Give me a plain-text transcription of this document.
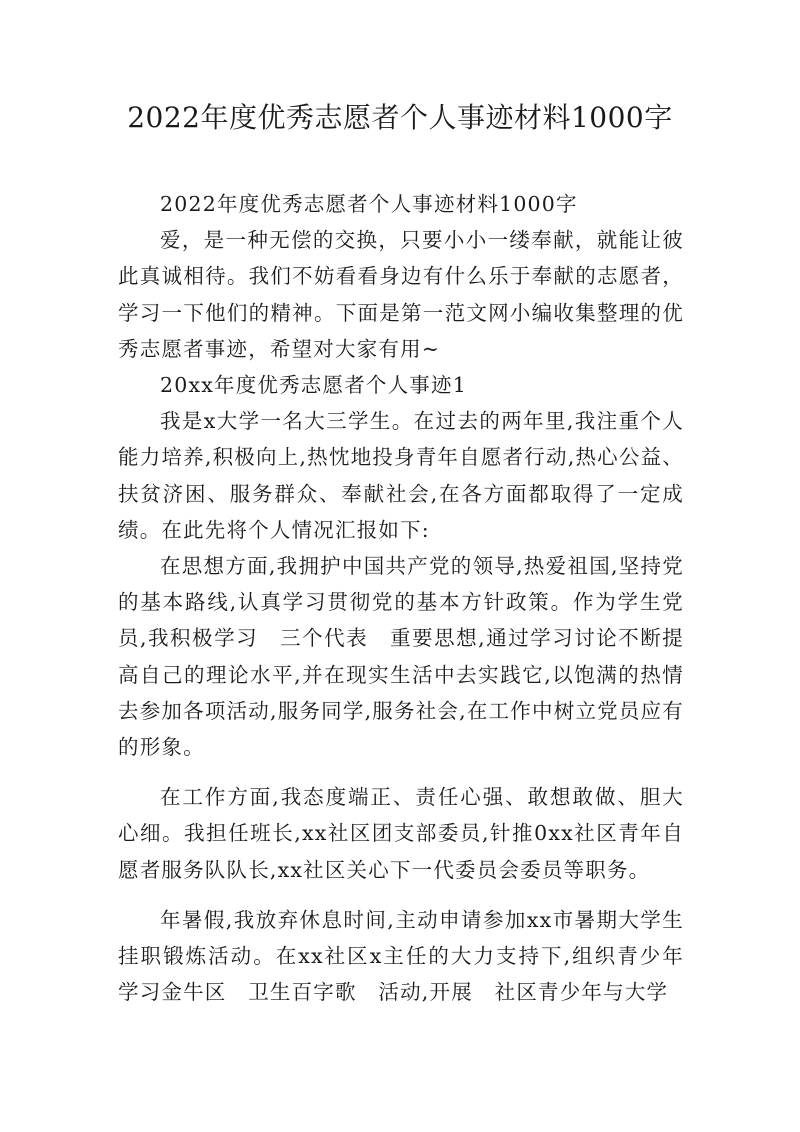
2022年度优秀志愿者个人事迹材料1000字

2022年度优秀志愿者个人事迹材料1000字

爱，是一种无偿的交换，只要小小一缕奉献，就能让彼此真诚相待。我们不妨看看身边有什么乐于奉献的志愿者，学习一下他们的精神。下面是第一范文网小编收集整理的优秀志愿者事迹，希望对大家有用~

20xx年度优秀志愿者个人事迹1

我是x大学一名大三学生。在过去的两年里,我注重个人能力培养,积极向上,热忱地投身青年自愿者行动,热心公益、扶贫济困、服务群众、奉献社会,在各方面都取得了一定成绩。在此先将个人情况汇报如下:

在思想方面,我拥护中国共产党的领导,热爱祖国,坚持党的基本路线,认真学习贯彻党的基本方针政策。作为学生党员,我积极学习　三个代表　重要思想,通过学习讨论不断提高自己的理论水平,并在现实生活中去实践它,以饱满的热情去参加各项活动,服务同学,服务社会,在工作中树立党员应有的形象。

在工作方面,我态度端正、责任心强、敢想敢做、胆大心细。我担任班长,xx社区团支部委员,针推0xx社区青年自愿者服务队队长,xx社区关心下一代委员会委员等职务。

年暑假,我放弃休息时间,主动申请参加xx市暑期大学生挂职锻炼活动。在xx社区x主任的大力支持下,组织青少年学习金牛区　卫生百字歌　活动,开展　社区青少年与大学
